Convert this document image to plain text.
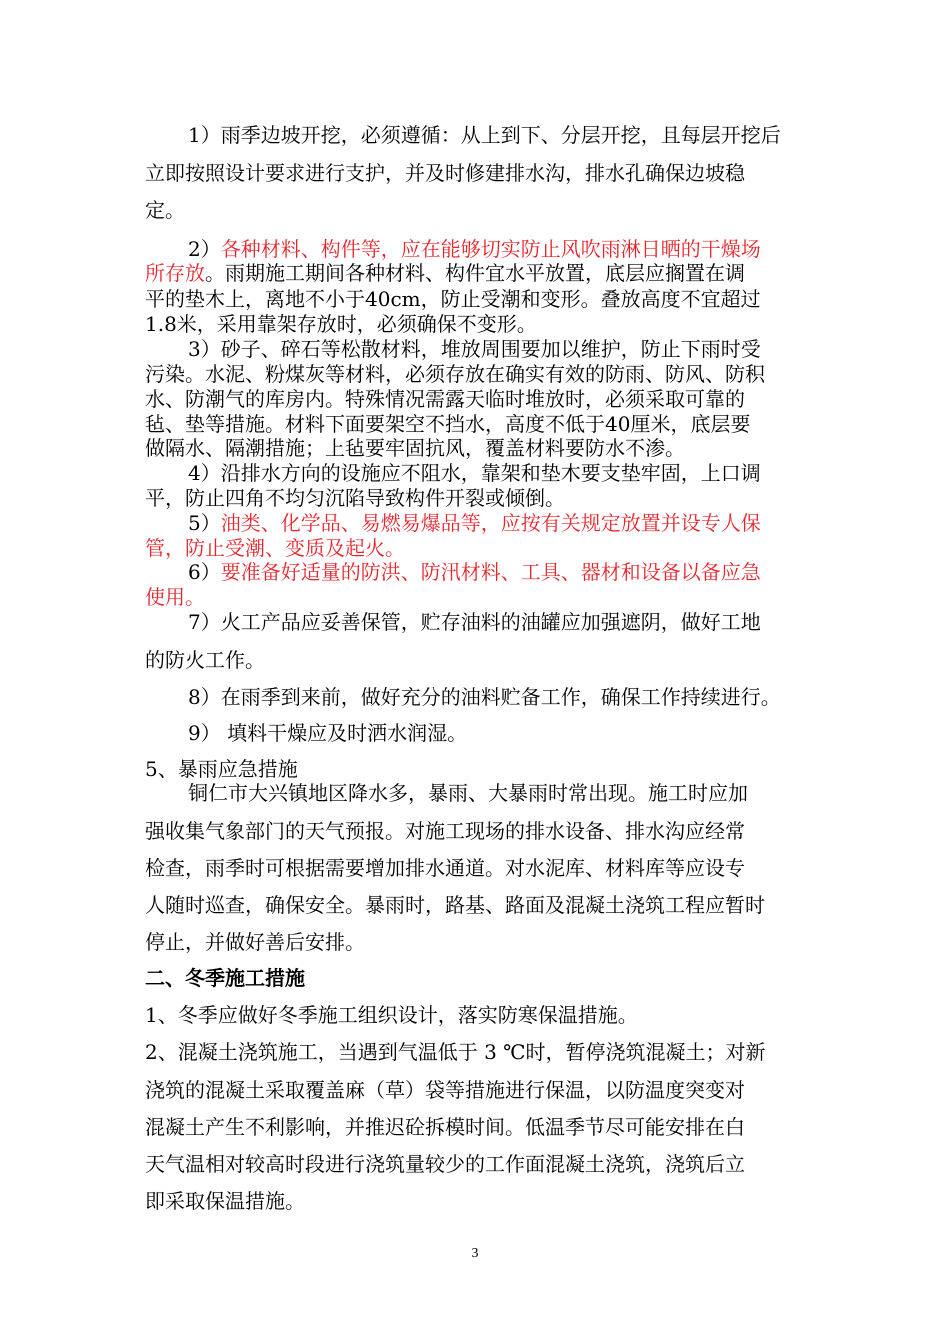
1）雨季边坡开挖，必须遵循：从上到下、分层开挖，且每层开挖后

立即按照设计要求进行支护，并及时修建排水沟，排水孔确保边坡稳

定。

2）各种材料、构件等，应在能够切实防止风吹雨淋日晒的干燥场

所存放。雨期施工期间各种材料、构件宜水平放置，底层应搁置在调

平的垫木上，离地不小于40cm，防止受潮和变形。叠放高度不宜超过

1.8米，采用靠架存放时，必须确保不变形。

3）砂子、碎石等松散材料，堆放周围要加以维护，防止下雨时受

污染。水泥、粉煤灰等材料，必须存放在确实有效的防雨、防风、防积

水、防潮气的库房内。特殊情况需露天临时堆放时，必须采取可靠的

毡、垫等措施。材料下面要架空不挡水，高度不低于40厘米，底层要

做隔水、隔潮措施；上毡要牢固抗风，覆盖材料要防水不渗。

4）沿排水方向的设施应不阻水，靠架和垫木要支垫牢固，上口调

平，防止四角不均匀沉陷导致构件开裂或倾倒。

5）油类、化学品、易燃易爆品等，应按有关规定放置并设专人保

管，防止受潮、变质及起火。

6）要准备好适量的防洪、防汛材料、工具、器材和设备以备应急

使用。

7）火工产品应妥善保管，贮存油料的油罐应加强遮阴，做好工地

的防火工作。

8）在雨季到来前，做好充分的油料贮备工作，确保工作持续进行。

9） 填料干燥应及时洒水润湿。

5、暴雨应急措施

铜仁市大兴镇地区降水多，暴雨、大暴雨时常出现。施工时应加

强收集气象部门的天气预报。对施工现场的排水设备、排水沟应经常

检查，雨季时可根据需要增加排水通道。对水泥库、材料库等应设专

人随时巡查，确保安全。暴雨时，路基、路面及混凝土浇筑工程应暂时

停止，并做好善后安排。

二、冬季施工措施

1、冬季应做好冬季施工组织设计，落实防寒保温措施。

2、混凝土浇筑施工，当遇到气温低于 3 ℃时，暂停浇筑混凝土；对新

浇筑的混凝土采取覆盖麻（草）袋等措施进行保温，以防温度突变对

混凝土产生不利影响，并推迟砼拆模时间。低温季节尽可能安排在白

天气温相对较高时段进行浇筑量较少的工作面混凝土浇筑，浇筑后立

即采取保温措施。

3
